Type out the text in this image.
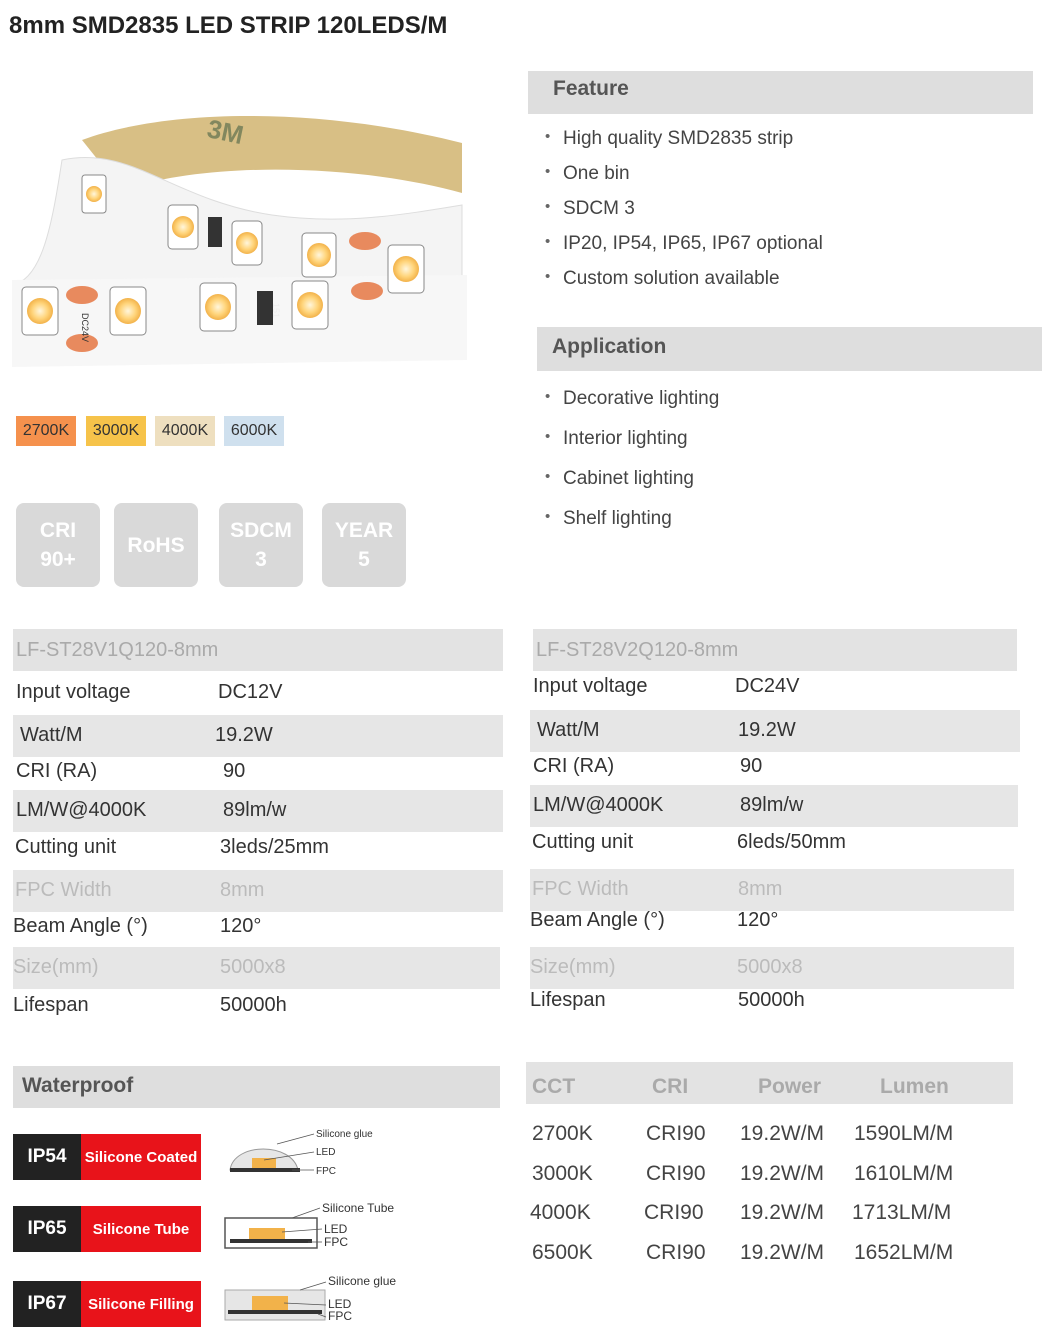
8mm SMD2835 LED STRIP 120LEDS/M
3M
151
DC24V
2700K	3000K	4000K	6000K
CRI
90+
RoHS
SDCM
3
YEAR
5
Feature
• High quality SMD2835 strip
• One bin
• SDCM 3
• IP20, IP54, IP65, IP67 optional
• Custom solution available
Application
• Decorative lighting
• Interior lighting
• Cabinet lighting
• Shelf lighting
LF-ST28V1Q120-8mm
Input voltage	DC12V
Watt/M	19.2W
CRI (RA)	90
LM/W@4000K	89lm/w
Cutting unit	3leds/25mm
FPC Width	8mm
Beam Angle (°)	120°
Size(mm)	5000x8
Lifespan	50000h
LF-ST28V2Q120-8mm
Input voltage	DC24V
Watt/M	19.2W
CRI (RA)	90
LM/W@4000K	89lm/w
Cutting unit	6leds/50mm
FPC Width	8mm
Beam Angle (°)	120°
Size(mm)	5000x8
Lifespan	50000h
Waterproof
IP54	Silicone Coated
IP65	Silicone Tube
IP67	Silicone Filling
Silicone glue
LED
FPC
Silicone Tube
LED
FPC
Silicone glue
LED
FPC
CCT	CRI	Power	Lumen
2700K	CRI90 19.2W/M 1590LM/M
3000K	CRI90 19.2W/M 1610LM/M
4000K	CRI90 19.2W/M 1713LM/M
6500K	CRI90 19.2W/M 1652LM/M
